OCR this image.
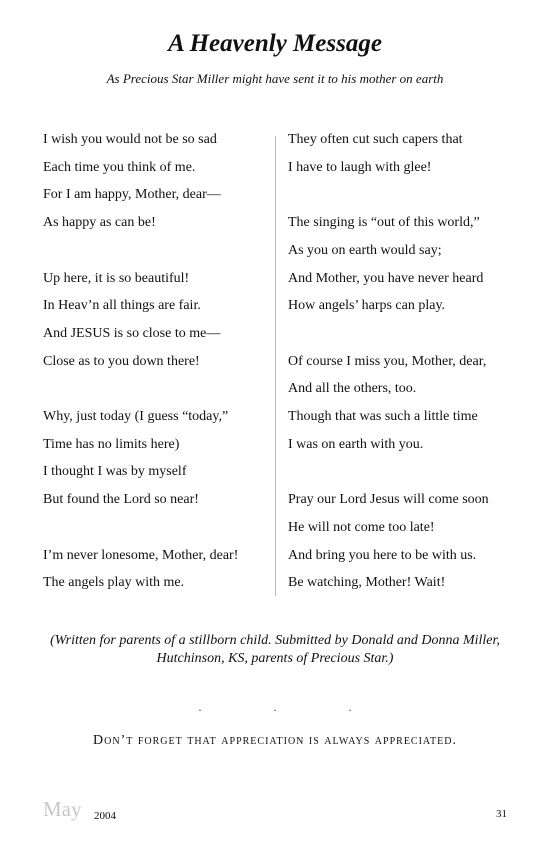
A Heavenly Message

As Precious Star Miller might have sent it to his mother on earth

I wish you would not be so sad
Each time you think of me.
For I am happy, Mother, dear—
As happy as can be!
Up here, it is so beautiful!
In Heav’n all things are fair.
And JESUS is so close to me—
Close as to you down there!
Why, just today (I guess “today,”
Time has no limits here)
I thought I was by myself
But found the Lord so near!
I’m never lonesome, Mother, dear!
The angels play with me.
They often cut such capers that
I have to laugh with glee!
The singing is “out of this world,”
As you on earth would say;
And Mother, you have never heard
How angels’ harps can play.
Of course I miss you, Mother, dear,
And all the others, too.
Though that was such a little time
I was on earth with you.
Pray our Lord Jesus will come soon
He will not come too late!
And bring you here to be with us.
Be watching, Mother! Wait!
(Written for parents of a stillborn child. Submitted by Donald and Donna Miller, Hutchinson, KS, parents of Precious Star.)
.	.	.
Don’t forget that appreciation is always appreciated.
May 2004	31
